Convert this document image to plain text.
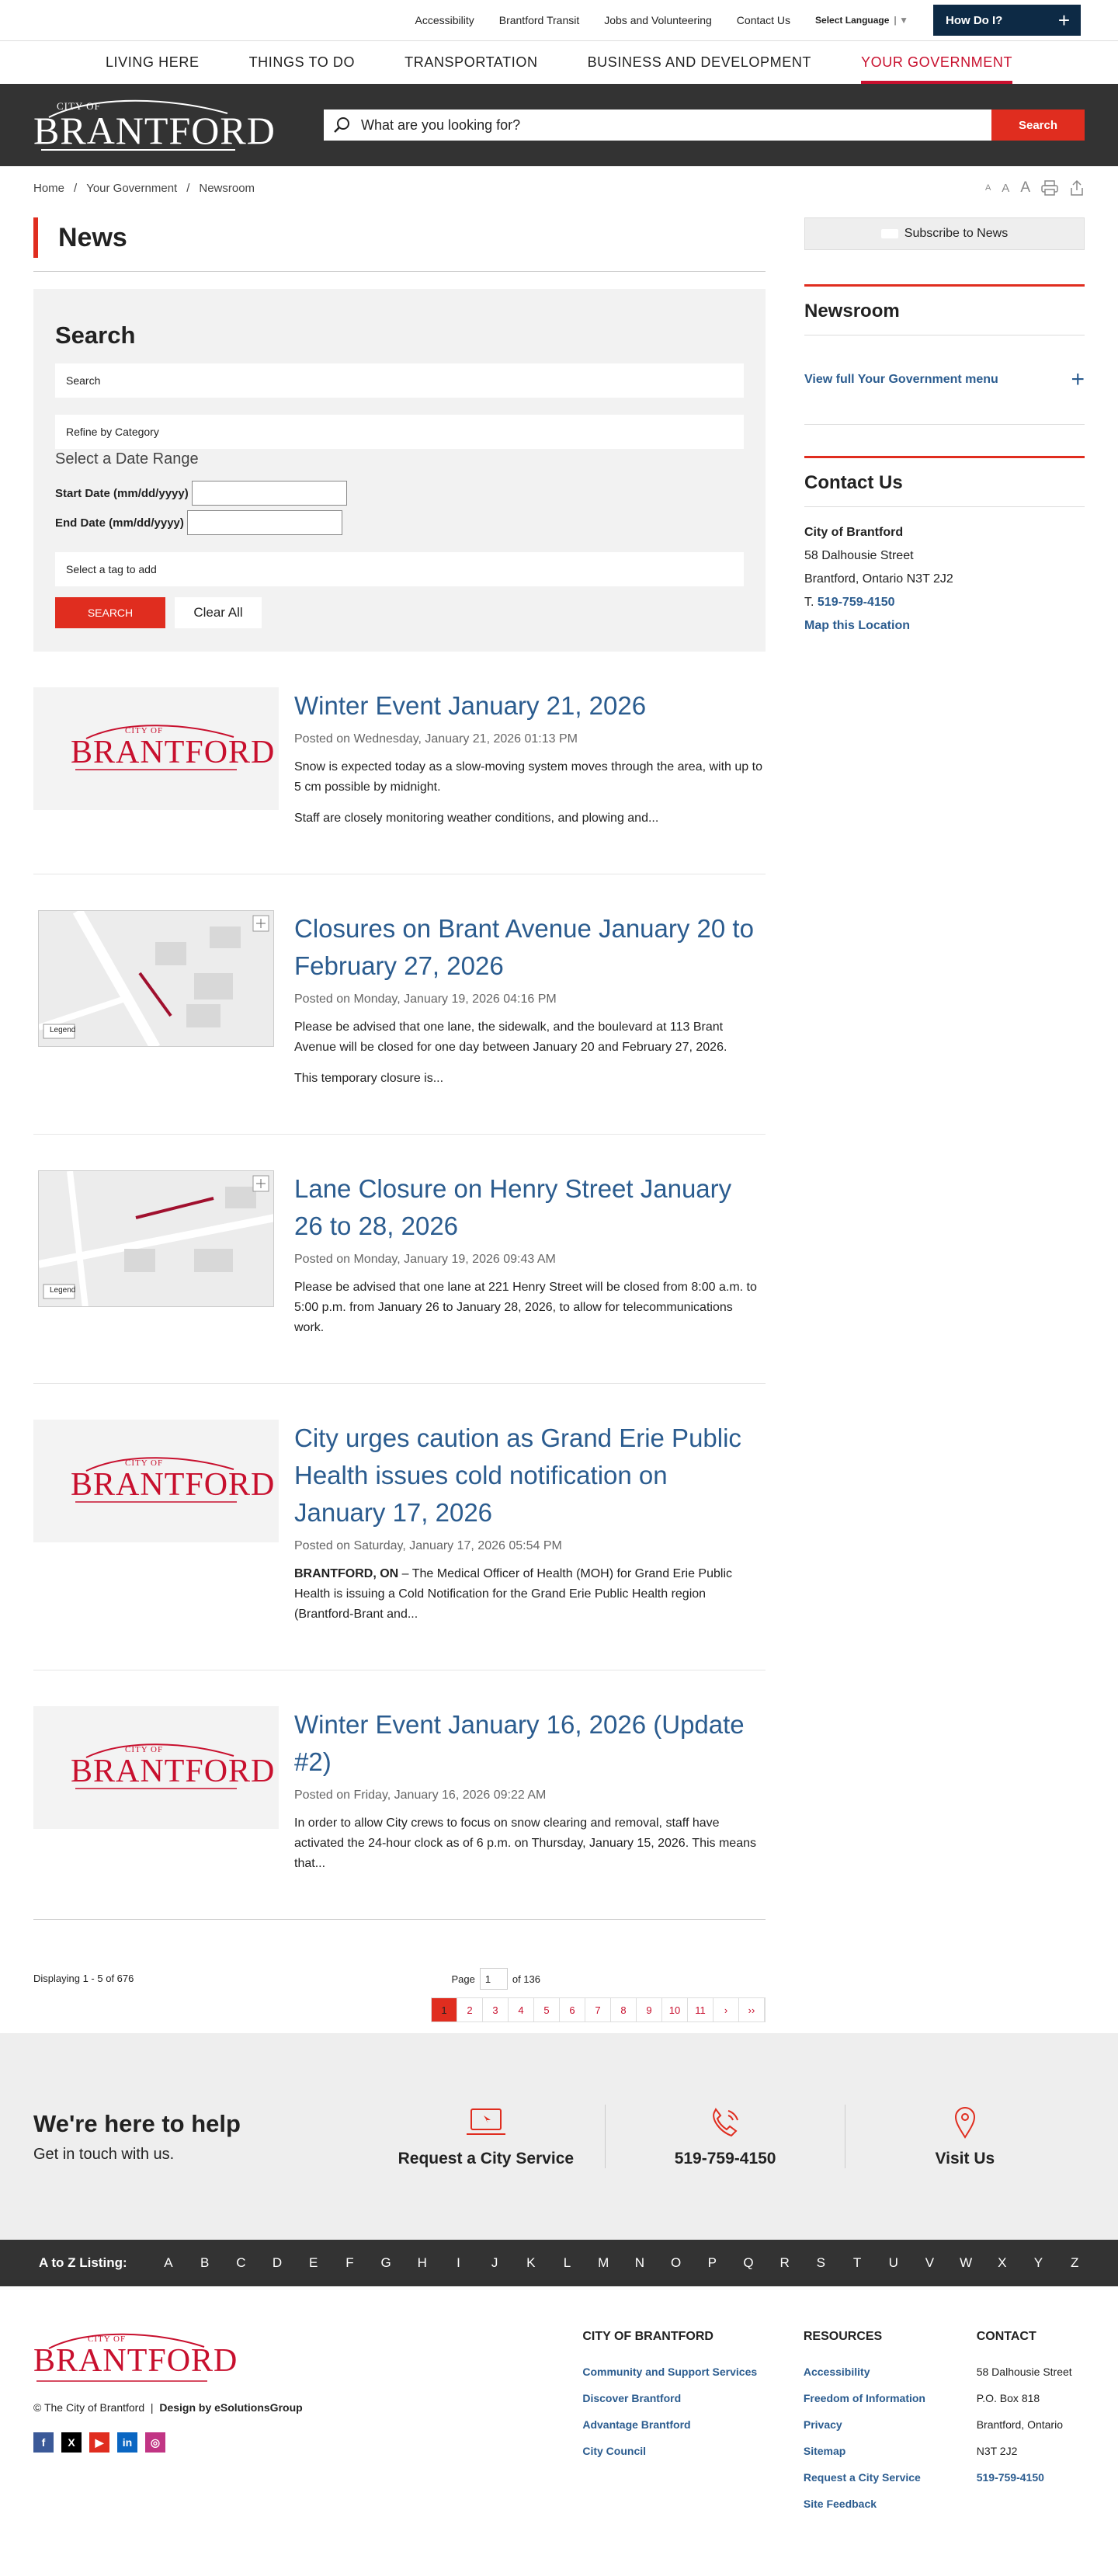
Accessibility Brantford Transit Jobs and Volunteering Contact Us	Select Language | ▼	How Do I?	+
LIVING HERE	THINGS TO DO	TRANSPORTATION	BUSINESS AND DEVELOPMENT	YOUR GOVERNMENT
CITY OF
BRANTFORD	What are you looking for?	Search
Home / Your Government / Newsroom	A A A
News
Search
Search
Refine by Category
Select a Date Range
Start Date (mm/dd/yyyy)
End Date (mm/dd/yyyy)
Select a tag to add
SEARCH	Clear All
CITY OF
BRANTFORD
Winter Event January 21, 2026
Posted on Wednesday, January 21, 2026 01:13 PM

Snow is expected today as a slow-moving system moves through the area, with up to 5 cm possible by midnight.

Staff are closely monitoring weather conditions, and plowing and...

Legend
Closures on Brant Avenue January 20 to February 27, 2026
Posted on Monday, January 19, 2026 04:16 PM

Please be advised that one lane, the sidewalk, and the boulevard at 113 Brant Avenue will be closed for one day between January 20 and February 27, 2026.

This temporary closure is...

Legend
Lane Closure on Henry Street January 26 to 28, 2026
Posted on Monday, January 19, 2026 09:43 AM

Please be advised that one lane at 221 Henry Street will be closed from 8:00 a.m. to 5:00 p.m. from January 26 to January 28, 2026, to allow for telecommunications work.

CITY OF
BRANTFORD
City urges caution as Grand Erie Public Health issues cold notification on January 17, 2026
Posted on Saturday, January 17, 2026 05:54 PM

BRANTFORD, ON – The Medical Officer of Health (MOH) for Grand Erie Public Health is issuing a Cold Notification for the Grand Erie Public Health region (Brantford-Brant and...

CITY OF
BRANTFORD
Winter Event January 16, 2026 (Update #2)
Posted on Friday, January 16, 2026 09:22 AM

In order to allow City crews to focus on snow clearing and removal, staff have activated the 24-hour clock as of 6 p.m. on Thursday, January 15, 2026. This means that...

Displaying 1 - 5 of 676	Page	1	of 136
1	2	3	4	5	6	7	8	9	10	11	›	››
Subscribe to News
Newsroom
View full Your Government menu	+
Contact Us
City of Brantford
58 Dalhousie Street
Brantford, Ontario N3T 2J2
T. 519-759-4150
Map this Location
We're here to help

Get in touch with us.	Request a City Service	519-759-4150	Visit Us
A to Z Listing:	A	B	C	D	E	F	G	H	I	J	K	L	M	N	O	P	Q	R	S	T	U	V	W	X	Y	Z
CITY OF
BRANTFORD
© The City of Brantford  |  Design by eSolutionsGroup
f	X	▶	in	◎
CITY OF BRANTFORD
Community and Support Services
Discover Brantford
Advantage Brantford
City Council
RESOURCES
Accessibility
Freedom of Information
Privacy
Sitemap
Request a City Service
Site Feedback
CONTACT
58 Dalhousie Street
P.O. Box 818
Brantford, Ontario
N3T 2J2
519-759-4150
